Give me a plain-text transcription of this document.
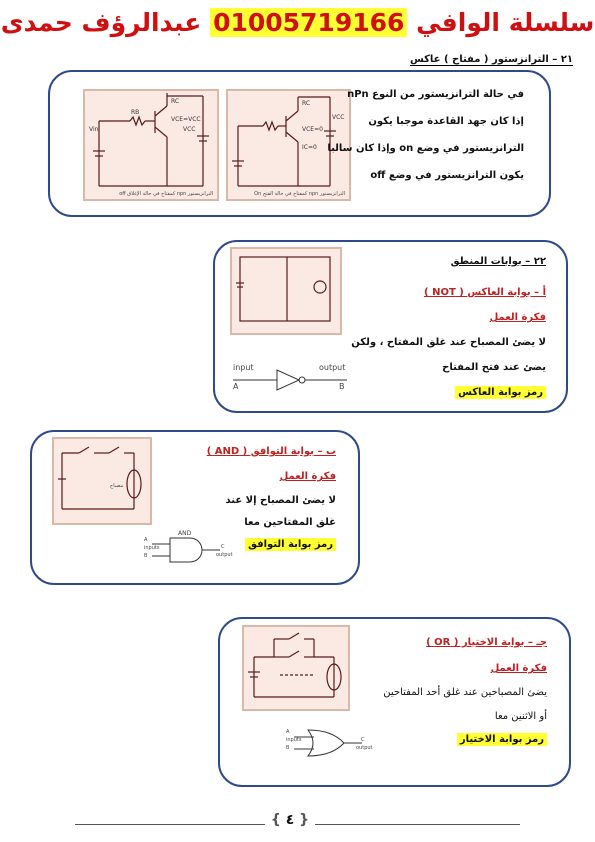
سلسلة الوافي 01005719166 عبدالرؤف حمدى
٢١ – الترانزستور ( مفتاح ) عاكس
Vin
RB
VCE=VCC
RC
VCC
الترانزيستور npn كمفتاح في حالة الإغلاق off
RC
VCE=0
IC=0
VCC
الترانزيستور npn كمفتاح في حالة الفتح On
في حالة الترانزيستور من النوع nPn
إذا كان جهد القاعدة موجبا يكون
الترانزيستور في وضع on وإذا كان سالبا
يكون الترانزيستور في وضع off
٢٢ – بوابات المنطق
أ – بوابة العاكس ( NOT )
فكرة العمل
لا يضئ المصباح عند غلق المفتاح ، ولكن
يضئ عند فتح المفتاح
رمز بوابة العاكس
input
A
output
B
مصباح
ب – بوابة التوافق ( AND )
فكرة العمل
لا يضئ المصباح إلا عند
غلق المفتاحين معا
رمز بوابة التوافق
AND
A
inputs
B
C
output
جـ – بوابة الاختيار ( OR )
فكرة العمل
يضئ المصباحين عند غلق أحد المفتاحين
أو الاثنين معا
رمز بوابة الاختيار
A
inputs
B
C
output
{ ٤ }
